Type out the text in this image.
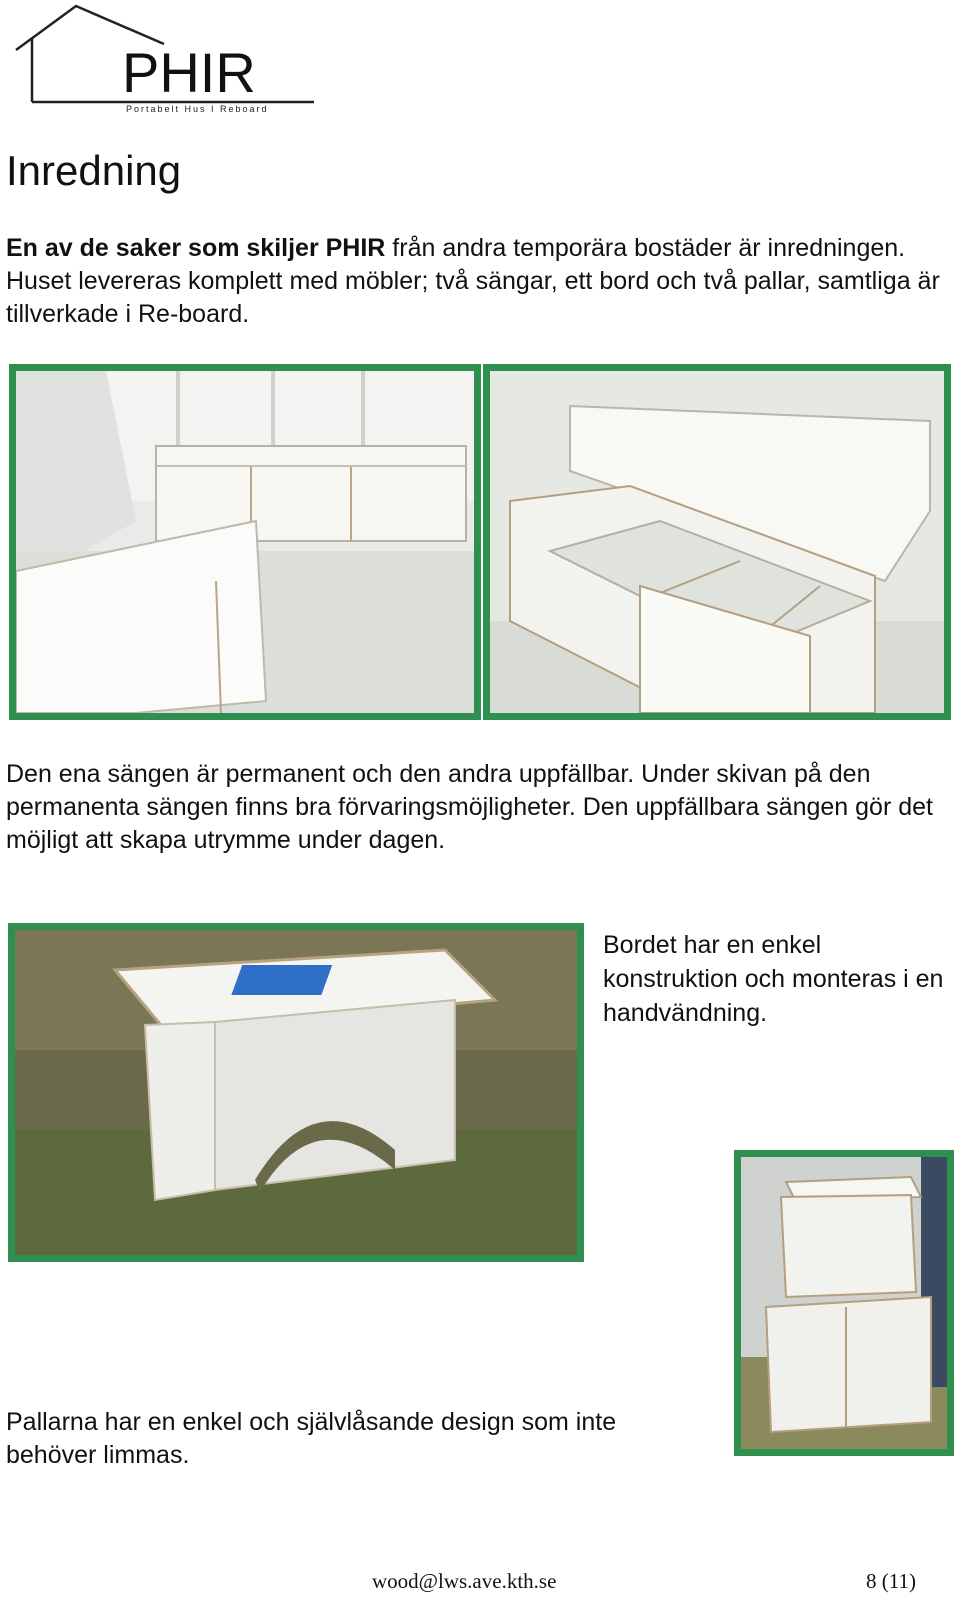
PHIR
Portabelt Hus I Reboard
Inredning
En av de saker som skiljer PHIR från andra temporära bostäder är inredningen. Huset levereras komplett med möbler; två sängar, ett bord och två pallar, samtliga är tillverkade i Re-board.
Den ena sängen är permanent och den andra uppfällbar. Under skivan på den permanenta sängen finns bra förvaringsmöjligheter. Den uppfällbara sängen gör det möjligt att skapa utrymme under dagen.
Bordet har en enkel konstruktion och monteras i en handvändning.
Pallarna har en enkel och självlåsande design som inte behöver limmas.
wood@lws.ave.kth.se	8 (11)
